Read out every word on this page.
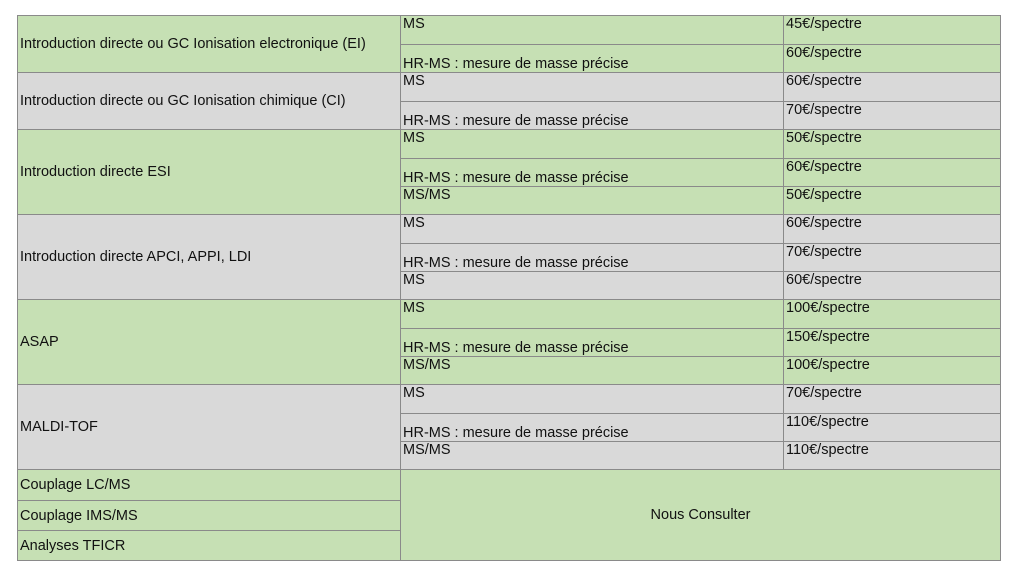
Introduction directe ou GC Ionisation electronique (EI)	MS	45€/spectre
	HR-MS : mesure de masse précise	60€/spectre
Introduction directe ou GC Ionisation chimique (CI)	MS	60€/spectre
	HR-MS : mesure de masse précise	70€/spectre
Introduction directe ESI	MS	50€/spectre
	HR-MS : mesure de masse précise	60€/spectre
	MS/MS	50€/spectre
Introduction directe APCI, APPI, LDI	MS	60€/spectre
	HR-MS : mesure de masse précise	70€/spectre
	MS	60€/spectre
ASAP	MS	100€/spectre
	HR-MS : mesure de masse précise	150€/spectre
	MS/MS	100€/spectre
MALDI-TOF	MS	70€/spectre
	HR-MS : mesure de masse précise	110€/spectre
	MS/MS	110€/spectre
Couplage LC/MS	Nous Consulter	
Couplage IMS/MS		
Analyses TFICR		
